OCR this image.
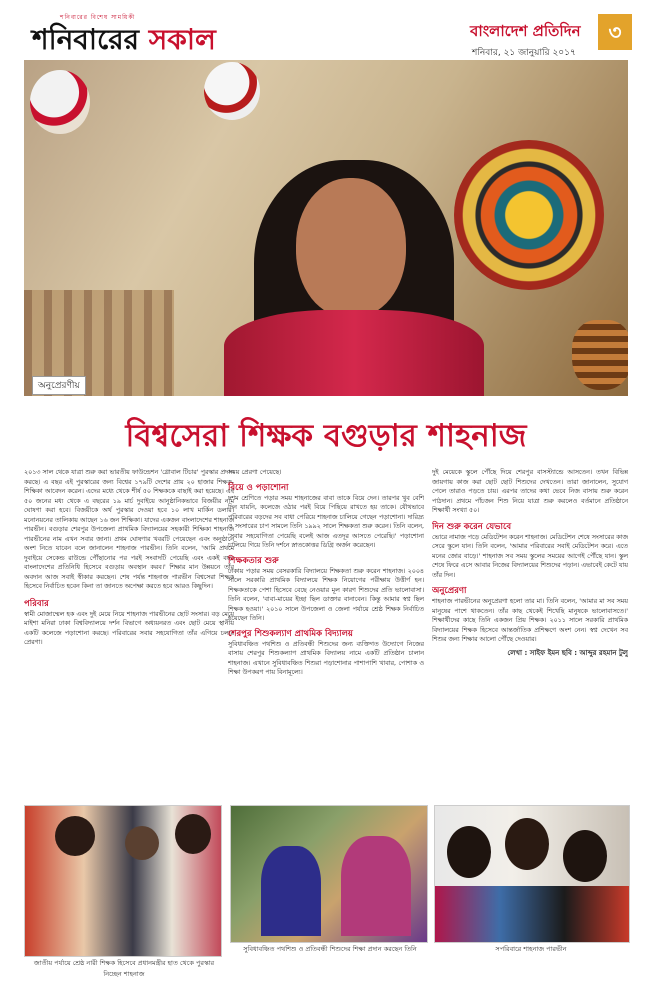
শনিবারের বিশেষ সাময়িকী
শনিবারের সকাল	বাংলাদেশ প্রতিদিন	৩
শনিবার, ২১ জানুয়ারি ২০১৭
অনুপ্রেরণীয়
বিশ্বসেরা শিক্ষক বগুড়ার শাহনাজ

২০১৩ সাল থেকে যাত্রা শুরু করা ভারতীয় ফাউন্ডেশন 'গ্লোবাল টিচার' পুরস্কার প্রদান করছে। এ বছর এই পুরস্কারের জন্য বিশ্বের ১৭৯টি দেশের প্রায় ২০ হাজার শিক্ষক-শিক্ষিকা আবেদন করেন। এদের মধ্যে থেকে শীর্ষ ৫০ শিক্ষককে বাছাই করা হয়েছে। এই ৫০ জনের মধ্য থেকে এ বছরের ১৯ মার্চ দুবাইয়ে আনুষ্ঠানিকভাবে বিজয়ীর নাম ঘোষণা করা হবে। বিজয়ীকে অর্থ পুরস্কার দেওয়া হবে ১০ লাখ মার্কিন ডলার। মনোনয়নের তালিকায় আছেন ১৬ জন শিক্ষিকা। যাদের একজন বাংলাদেশের শাহনাজ পারভীন। বগুড়ার শেরপুর উপজেলা প্রাথমিক বিদ্যালয়ের সহকারী শিক্ষিকা শাহনাজ পারভীনের নাম এখন সবার জানা। প্রথম ঘোষণার খবরটি পেয়েছেন এবং অনুষ্ঠানে অংশ নিতে যাবেন বলে জানালেন শাহনাজ পারভীন। তিনি বলেন, 'আমি প্রথমে দুবাইয়ে সেকেন্ড রাউন্ডে পৌঁছানোর পর পরই সংবাদটি পেয়েছি এবং একই বছর বাংলাদেশের প্রতিনিধি হিসেবে বগুড়ায় অবস্থান করব।' শিক্ষার মান উন্নয়নে তাঁর অবদান আজ সবাই স্বীকার করছেন। শেষ পর্যন্ত শাহনাজ পারভীন বিশ্বসেরা শিক্ষক হিসেবে নির্বাচিত হবেন কিনা তা জানতে অপেক্ষা করতে হবে আরও কিছুদিন।

পরিবার

স্বামী মোজাম্মেল হক এবং দুই মেয়ে নিয়ে শাহনাজ পারভীনের ছোট সংসার। বড় মেয়ে মাইশা মনিরা ঢাকা বিশ্ববিদ্যালয়ে দর্শন বিভাগে অধ্যয়নরত এবং ছোট মেয়ে স্থানীয় একটি কলেজে পড়াশোনা করছে। পরিবারের সবার সহযোগিতা তাঁর এগিয়ে চলার প্রেরণা।

সময় প্রেরণা পেয়েছে।

বিয়ে ও পড়াশোনা

দশম শ্রেণিতে পড়ার সময় শাহনাজের বাবা তাকে বিয়ে দেন। তারপর খুব বেশি দিন যায়নি, কলেজে ওঠার পরই বিয়ে পিছিয়ে রাখতে হয় তাকে। যৌথভাবে পরিবারের বড়দের সব বাধা পেরিয়ে শাহনাজ চালিয়ে গেছেন পড়াশোনা। দারিদ্র্য ও সংসারের চাপ সামলে তিনি ১৯৯২ সালে শিক্ষকতা শুরু করেন। তিনি বলেন, 'সবার সহযোগিতা পেয়েছি বলেই আজ এতদূর আসতে পেরেছি।' পড়াশোনা চালিয়ে গিয়ে তিনি দর্শনে স্নাতকোত্তর ডিগ্রি অর্জন করেছেন।

শিক্ষকতার শুরু

ঢাকায় পড়ার সময় বেসরকারি বিদ্যালয়ে শিক্ষকতা শুরু করেন শাহনাজ। ২০০৪ সালে সরকারি প্রাথমিক বিদ্যালয়ে শিক্ষক নিয়োগের পরীক্ষায় উত্তীর্ণ হন। শিক্ষকতাকে পেশা হিসেবে বেছে নেওয়ার মূল কারণ শিশুদের প্রতি ভালোবাসা। তিনি বলেন, 'বাবা-মায়ের ইচ্ছা ছিল ডাক্তার বানাবেন। কিন্তু আমার স্বপ্ন ছিল শিক্ষক হওয়া।' ২০১০ সালে উপজেলা ও জেলা পর্যায়ে শ্রেষ্ঠ শিক্ষক নির্বাচিত হয়েছেন তিনি।

শেরপুর শিশুকল্যাণ প্রাথমিক বিদ্যালয়

সুবিধাবঞ্চিত পথশিশু ও প্রতিবন্ধী শিশুদের জন্য ব্যক্তিগত উদ্যোগে নিজের বাসায় শেরপুর শিশুকল্যাণ প্রাথমিক বিদ্যালয় নামে একটি প্রতিষ্ঠান চালান শাহনাজ। এখানে সুবিধাবঞ্চিত শিশুরা পড়াশোনার পাশাপাশি খাবার, পোশাক ও শিক্ষা উপকরণ পায় বিনামূল্যে।

দুই মেয়েকে স্কুলে পৌঁছে দিয়ে শেরপুর বাসস্ট্যান্ডে আসতেন। তখন বিভিন্ন জায়গায় কাজ করা ছোট ছোট শিশুদের দেখতেন। তারা জানালেন, সুযোগ পেলে তারাও পড়তে চায়। এরপর তাদের কথা ভেবে নিজ বাসায় শুরু করেন পাঠদান। প্রথমে পাঁচজন শিশু নিয়ে যাত্রা শুরু করলেও বর্তমানে প্রতিষ্ঠানে শিক্ষার্থী সংখ্যা ৫০।

দিন শুরু করেন যেভাবে

ভোরে নামাজ পড়ে মেডিটেশন করেন শাহনাজ। মেডিটেশন শেষে সংসারের কাজ সেরে স্কুলে যান। তিনি বলেন, 'আমার পরিবারের সবাই মেডিটেশন করে। এতে মনের জোর বাড়ে।' শাহনাজ সব সময় স্কুলের সময়ের আগেই পৌঁছে যান। স্কুল শেষে ফিরে এসে আবার নিজের বিদ্যালয়ের শিশুদের পড়ান। এভাবেই কেটে যায় তাঁর দিন।

অনুপ্রেরণা

শাহনাজ পারভীনের অনুপ্রেরণা হলো তার মা। তিনি বলেন, 'আমার মা সব সময় মানুষের পাশে থাকতেন। তাঁর কাছ থেকেই শিখেছি মানুষকে ভালোবাসতে।' শিক্ষার্থীদের কাছে তিনি একজন প্রিয় শিক্ষক। ২০১১ সালে সরকারি প্রাথমিক বিদ্যালয়ের শিক্ষক হিসেবে আন্তর্জাতিক প্রশিক্ষণে অংশ নেন। স্বপ্ন দেখেন সব শিশুর জন্য শিক্ষার আলো পৌঁছে দেওয়ার।

লেখা : সাইফ ইমন ছবি : আব্দুর রহমান টুলু
জাতীয় পর্যায়ে শ্রেষ্ঠ নারী শিক্ষক হিসেবে প্রধানমন্ত্রীর হাত থেকে পুরস্কার নিচ্ছেন শাহনাজ
সুবিধাবঞ্চিত পথশিশু ও প্রতিবন্ধী শিশুদের শিক্ষা প্রদান করছেন তিনি	সপরিবারে শাহনাজ পারভীন
